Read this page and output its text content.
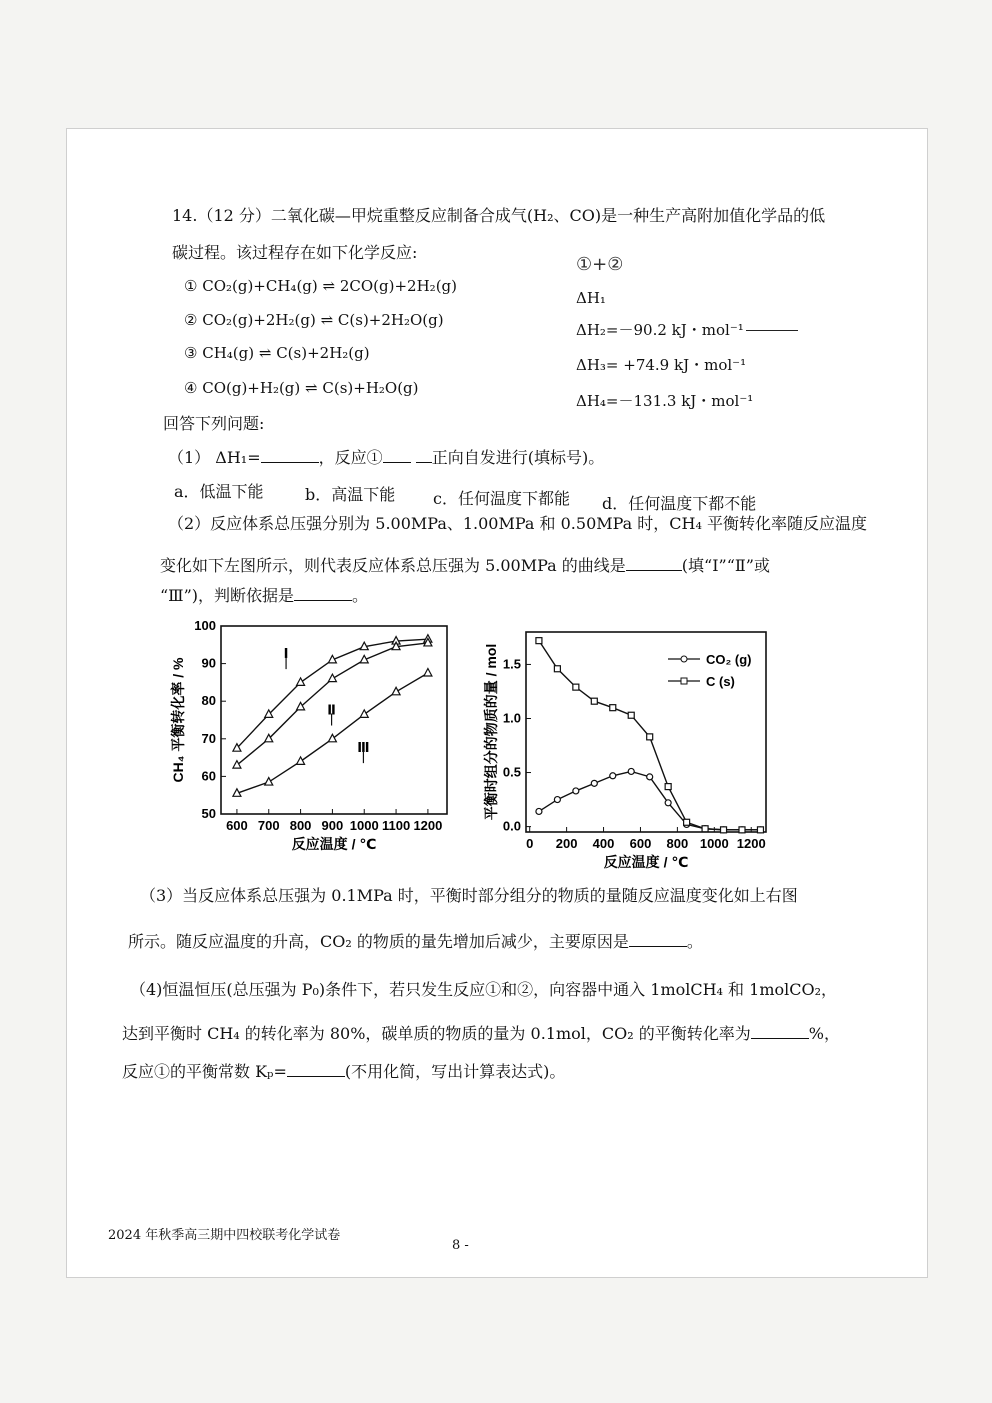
14.（12 分）二氧化碳—甲烷重整反应制备合成气(H₂、CO)是一种生产高附加值化学品的低
碳过程。该过程存在如下化学反应:
① CO₂(g)+CH₄(g) ⇌ 2CO(g)+2H₂(g)
② CO₂(g)+2H₂(g) ⇌ C(s)+2H₂O(g)
③ CH₄(g) ⇌ C(s)+2H₂(g)
④ CO(g)+H₂(g) ⇌ C(s)+H₂O(g)
①+②
ΔH₁
ΔH₂=－90.2 kJ・mol⁻¹
ΔH₃= +74.9 kJ・mol⁻¹
ΔH₄=－131.3 kJ・mol⁻¹
回答下列问题:
（1） ΔH₁=	，反应①	正向自发进行(填标号)。
a．低温下能	b．高温下能 c．任何温度下都能 d．任何温度下都不能
（2）反应体系总压强分别为 5.00MPa、1.00MPa 和 0.50MPa 时，CH₄ 平衡转化率随反应温度
变化如下左图所示，则代表反应体系总压强为 5.00MPa 的曲线是	(填“Ⅰ”“Ⅱ”或
“Ⅲ”)，判断依据是	。
600 700 800 900 1000 1100 1200
50
60
70
80
90
100
反应温度 / ℃
CH₄ 平衡转化率 / %
Ⅰ
Ⅱ
Ⅲ
0 200 400 600 800 1000 1200
0.0
0.5
1.0
1.5
反应温度 / ℃
平衡时组分的物质的量 / mol	CO₂ (g)
C (s)
（3）当反应体系总压强为 0.1MPa 时，平衡时部分组分的物质的量随反应温度变化如上右图
所示。随反应温度的升高，CO₂ 的物质的量先增加后减少，主要原因是	。
（4)恒温恒压(总压强为 P₀)条件下，若只发生反应①和②，向容器中通入 1molCH₄ 和 1molCO₂，
达到平衡时 CH₄ 的转化率为 80%，碳单质的物质的量为 0.1mol，CO₂ 的平衡转化率为	%，
反应①的平衡常数 Kₚ=	(不用化简，写出计算表达式)。
2024 年秋季高三期中四校联考化学试卷
8 -
